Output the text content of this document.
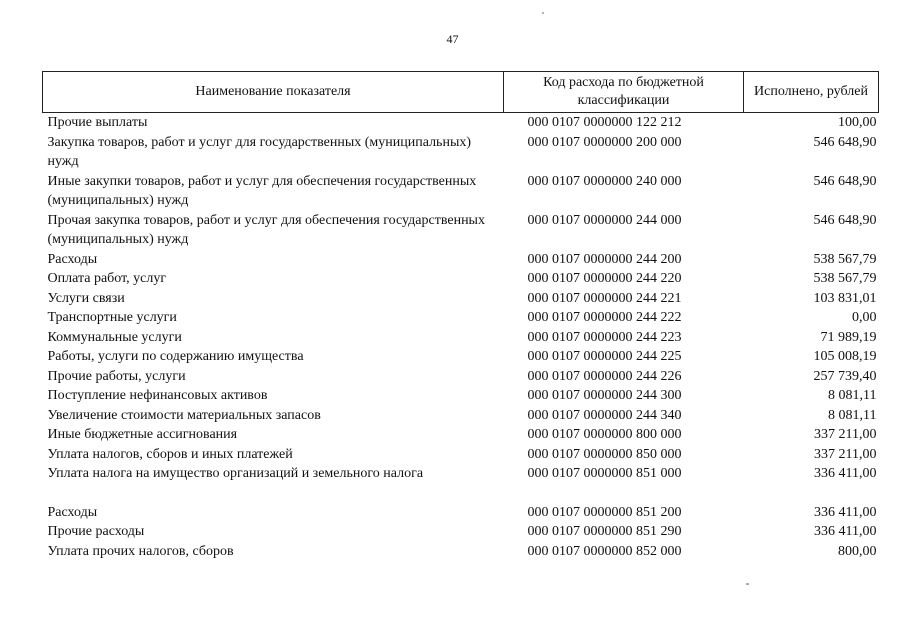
47
Наименование показателя	Код расхода по бюджетной классификации	Исполнено, рублей
Прочие выплаты	000 0107 0000000 122 212	100,00
Закупка товаров, работ и услуг для государственных (муниципальных) нужд	000 0107 0000000 200 000	546 648,90
Иные закупки товаров, работ и услуг для обеспечения государственных (муниципальных) нужд	000 0107 0000000 240 000	546 648,90
Прочая закупка товаров, работ и услуг для обеспечения государственных (муниципальных) нужд	000 0107 0000000 244 000	546 648,90
Расходы	000 0107 0000000 244 200	538 567,79
Оплата работ, услуг	000 0107 0000000 244 220	538 567,79
Услуги связи	000 0107 0000000 244 221	103 831,01
Транспортные услуги	000 0107 0000000 244 222	0,00
Коммунальные услуги	000 0107 0000000 244 223	71 989,19
Работы, услуги по содержанию имущества	000 0107 0000000 244 225	105 008,19
Прочие работы, услуги	000 0107 0000000 244 226	257 739,40
Поступление нефинансовых активов	000 0107 0000000 244 300	8 081,11
Увеличение стоимости материальных запасов	000 0107 0000000 244 340	8 081,11
Иные бюджетные ассигнования	000 0107 0000000 800 000	337 211,00
Уплата налогов, сборов и иных платежей	000 0107 0000000 850 000	337 211,00
Уплата налога на имущество организаций и земельного налога	000 0107 0000000 851 000	336 411,00

Расходы	000 0107 0000000 851 200	336 411,00
Прочие расходы	000 0107 0000000 851 290	336 411,00
Уплата прочих налогов, сборов	000 0107 0000000 852 000	800,00
